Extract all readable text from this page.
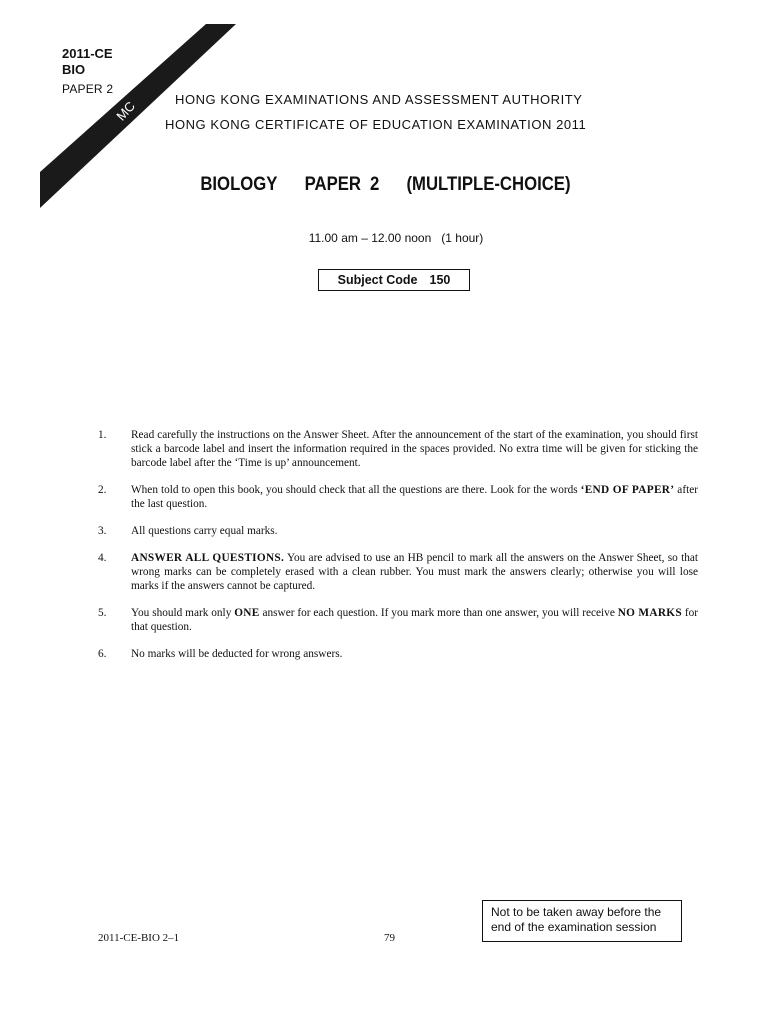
MC
2011-CE
BIO
PAPER 2
HONG KONG EXAMINATIONS AND ASSESSMENT AUTHORITY
HONG KONG CERTIFICATE OF EDUCATION EXAMINATION 2011
BIOLOGY PAPER 2 (MULTIPLE-CHOICE)
11.00 am – 12.00 noon   (1 hour)
Subject Code 150
1.	Read carefully the instructions on the Answer Sheet. After the announcement of the start of the examination, you should first stick a barcode label and insert the information required in the spaces provided. No extra time will be given for sticking the barcode label after the ‘Time is up’ announcement.
2.	When told to open this book, you should check that all the questions are there. Look for the words ‘END OF PAPER’ after the last question.
3.	All questions carry equal marks.
4.	ANSWER ALL QUESTIONS. You are advised to use an HB pencil to mark all the answers on the Answer Sheet, so that wrong marks can be completely erased with a clean rubber. You must mark the answers clearly; otherwise you will lose marks if the answers cannot be captured.
5.	You should mark only ONE answer for each question. If you mark more than one answer, you will receive NO MARKS for that question.
6.	No marks will be deducted for wrong answers.
2011-CE-BIO 2–1	79
Not to be taken away before the end of the examination session
